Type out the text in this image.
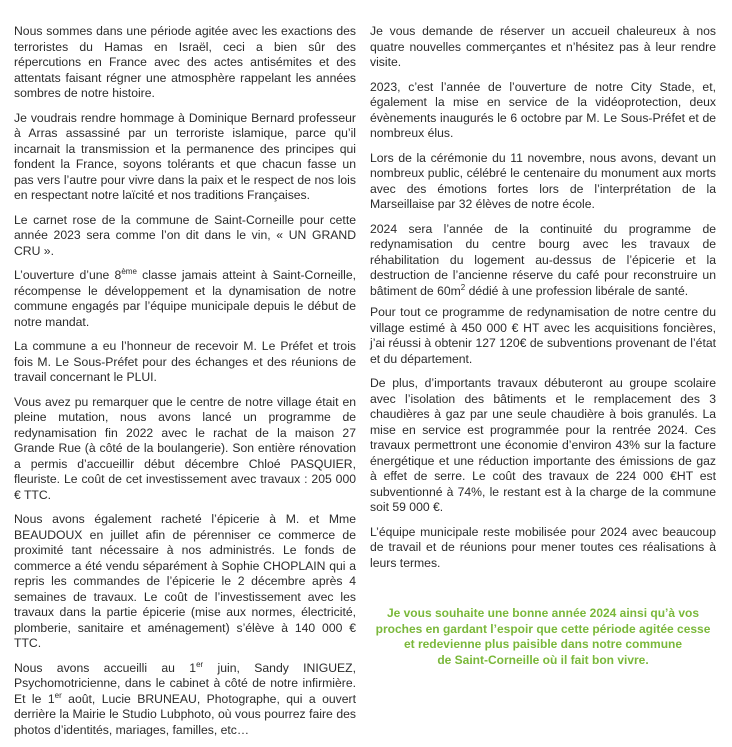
Nous sommes dans une période agitée avec les exactions des terroristes du Hamas en Israël, ceci a bien sûr des répercutions en France avec des actes antisémites et des attentats faisant régner une atmosphère rappelant les années sombres de notre histoire.

Je voudrais rendre hommage à Dominique Bernard professeur à Arras assassiné par un terroriste islamique, parce qu’il incarnait la transmission et la permanence des principes qui fondent la France, soyons tolérants et que chacun fasse un pas vers l’autre pour vivre dans la paix et le respect de nos lois en respectant notre laïcité et nos traditions Françaises.

Le carnet rose de la commune de Saint-Corneille pour cette année 2023 sera comme l’on dit dans le vin, « UN GRAND CRU ».

L’ouverture d’une 8ème classe jamais atteint à Saint-Corneille, récompense le développement et la dynamisation de notre commune engagés par l’équipe municipale depuis le début de notre mandat.

La commune a eu l’honneur de recevoir M. Le Préfet et trois fois M. Le Sous-Préfet pour des échanges et des réunions de travail concernant le PLUI.

Vous avez pu remarquer que le centre de notre village était en pleine mutation, nous avons lancé un programme de redynamisation fin 2022 avec le rachat de la maison 27 Grande Rue (à côté de la boulangerie). Son entière rénovation a permis d’accueillir début décembre Chloé PASQUIER, fleuriste. Le coût de cet investissement avec travaux : 205 000 € TTC.

Nous avons également racheté l’épicerie à M. et Mme BEAUDOUX en juillet afin de pérenniser ce commerce de proximité tant nécessaire à nos administrés. Le fonds de commerce a été vendu séparément à Sophie CHOPLAIN qui a repris les commandes de l’épicerie le 2 décembre après 4 semaines de travaux. Le coût de l’investissement avec les travaux dans la partie épicerie (mise aux normes, électricité, plomberie, sanitaire et aménagement) s’élève à 140 000 € TTC.

Nous avons accueilli au 1er juin, Sandy INIGUEZ, Psychomotricienne, dans le cabinet à côté de notre infirmière. Et le 1er août, Lucie BRUNEAU, Photographe, qui a ouvert derrière la Mairie le Studio Lubphoto, où vous pourrez faire des photos d’identités, mariages, familles, etc…

Je vous demande de réserver un accueil chaleureux à nos quatre nouvelles commerçantes et n’hésitez pas à leur rendre visite.

2023, c’est l’année de l’ouverture de notre City Stade, et, également la mise en service de la vidéoprotection, deux évènements inaugurés le 6 octobre par M. Le Sous-Préfet et de nombreux élus.

Lors de la cérémonie du 11 novembre, nous avons, devant un nombreux public, célébré le centenaire du monument aux morts avec des émotions fortes lors de l’interprétation de la Marseillaise par 32 élèves de notre école.

2024 sera l’année de la continuité du programme de redynamisation du centre bourg avec les travaux de réhabilitation du logement au-dessus de l’épicerie et la destruction de l’ancienne réserve du café pour reconstruire un bâtiment de $60m^2$ dédié à une profession libérale de santé.

Pour tout ce programme de redynamisation de notre centre du village estimé à 450 000 € HT avec les acquisitions foncières, j’ai réussi à obtenir 127 120€ de subventions provenant de l’état et du département.

De plus, d’importants travaux débuteront au groupe scolaire avec l’isolation des bâtiments et le remplacement des 3 chaudières à gaz par une seule chaudière à bois granulés. La mise en service est programmée pour la rentrée 2024. Ces travaux permettront une économie d’environ 43% sur la facture énergétique et une réduction importante des émissions de gaz à effet de serre. Le coût des travaux de 224 000 €HT est subventionné à 74%, le restant est à la charge de la commune soit 59 000 €.

L’équipe municipale reste mobilisée pour 2024 avec beaucoup de travail et de réunions pour mener toutes ces réalisations à leurs termes.

Je vous souhaite une bonne année 2024 ainsi qu’à vos
proches en gardant l’espoir que cette période agitée cesse
et redevienne plus paisible dans notre commune
de Saint-Corneille où il fait bon vivre.
